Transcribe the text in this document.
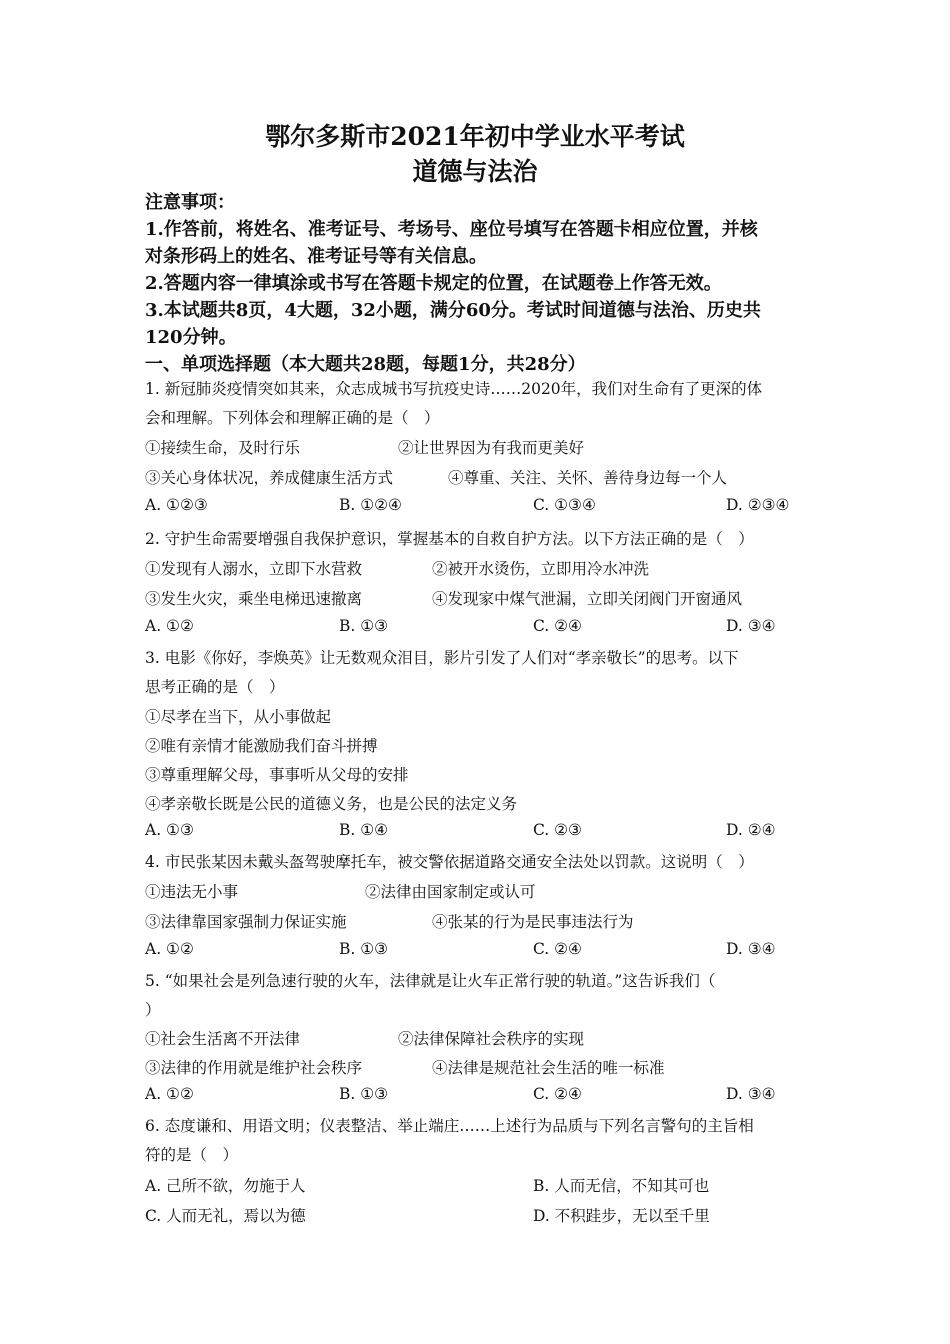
鄂尔多斯市2021年初中学业水平考试
道德与法治
注意事项：
1.作答前，将姓名、准考证号、考场号、座位号填写在答题卡相应位置，并核
对条形码上的姓名、准考证号等有关信息。
2.答题内容一律填涂或书写在答题卡规定的位置，在试题卷上作答无效。
3.本试题共8页，4大题，32小题，满分60分。考试时间道德与法治、历史共
120分钟。
一、单项选择题（本大题共28题，每题1分，共28分）
1. 新冠肺炎疫情突如其来，众志成城书写抗疫史诗……2020年，我们对生命有了更深的体
会和理解。下列体会和理解正确的是（　）
①接续生命，及时行乐	②让世界因为有我而更美好
③关心身体状况，养成健康生活方式	④尊重、关注、关怀、善待身边每一个人
A. ①②③	B. ①②④	C. ①③④	D. ②③④
2. 守护生命需要增强自我保护意识，掌握基本的自救自护方法。以下方法正确的是（　）
①发现有人溺水，立即下水营救	②被开水烫伤，立即用冷水冲洗
③发生火灾，乘坐电梯迅速撤离	④发现家中煤气泄漏，立即关闭阀门开窗通风
A. ①②	B. ①③	C. ②④	D. ③④
3. 电影《你好，李焕英》让无数观众泪目，影片引发了人们对“孝亲敬长”的思考。以下
思考正确的是（　）
①尽孝在当下，从小事做起
②唯有亲情才能激励我们奋斗拼搏
③尊重理解父母，事事听从父母的安排
④孝亲敬长既是公民的道德义务，也是公民的法定义务
A. ①③	B. ①④	C. ②③	D. ②④
4. 市民张某因未戴头盔驾驶摩托车，被交警依据道路交通安全法处以罚款。这说明（　）
①违法无小事	②法律由国家制定或认可
③法律靠国家强制力保证实施	④张某的行为是民事违法行为
A. ①②	B. ①③	C. ②④	D. ③④
5. “如果社会是列急速行驶的火车，法律就是让火车正常行驶的轨道。”这告诉我们（
）
①社会生活离不开法律	②法律保障社会秩序的实现
③法律的作用就是维护社会秩序	④法律是规范社会生活的唯一标准
A. ①②	B. ①③	C. ②④	D. ③④
6. 态度谦和、用语文明；仪表整洁、举止端庄……上述行为品质与下列名言警句的主旨相
符的是（　）
A. 己所不欲，勿施于人	B. 人而无信，不知其可也
C. 人而无礼，焉以为德	D. 不积跬步，无以至千里
